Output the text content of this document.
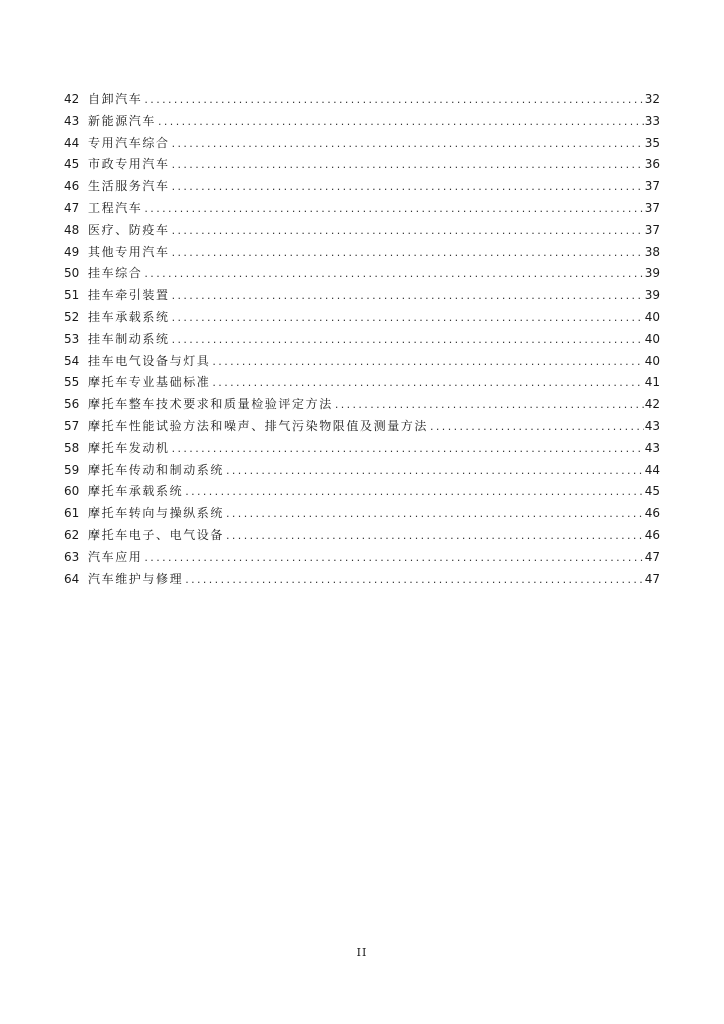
42 自卸汽车 .....	32
43 新能源汽车 .....	33
44 专用汽车综合 .....	35
45 市政专用汽车 .....	36
46 生活服务汽车 .....	37
47 工程汽车 .....	37
48 医疗、防疫车 .....	37
49 其他专用汽车 .....	38
50 挂车综合 .....	39
51 挂车牵引装置 .....	39
52 挂车承载系统 .....	40
53 挂车制动系统 .....	40
54 挂车电气设备与灯具 .....	40
55 摩托车专业基础标准 .....	41
56 摩托车整车技术要求和质量检验评定方法 .....	42
57 摩托车性能试验方法和噪声、排气污染物限值及测量方法 .....	43
58 摩托车发动机 .....	43
59 摩托车传动和制动系统 .....	44
60 摩托车承载系统 .....	45
61 摩托车转向与操纵系统 .....	46
62 摩托车电子、电气设备 .....	46
63 汽车应用 .....	47
64 汽车维护与修理 .....	47
II
